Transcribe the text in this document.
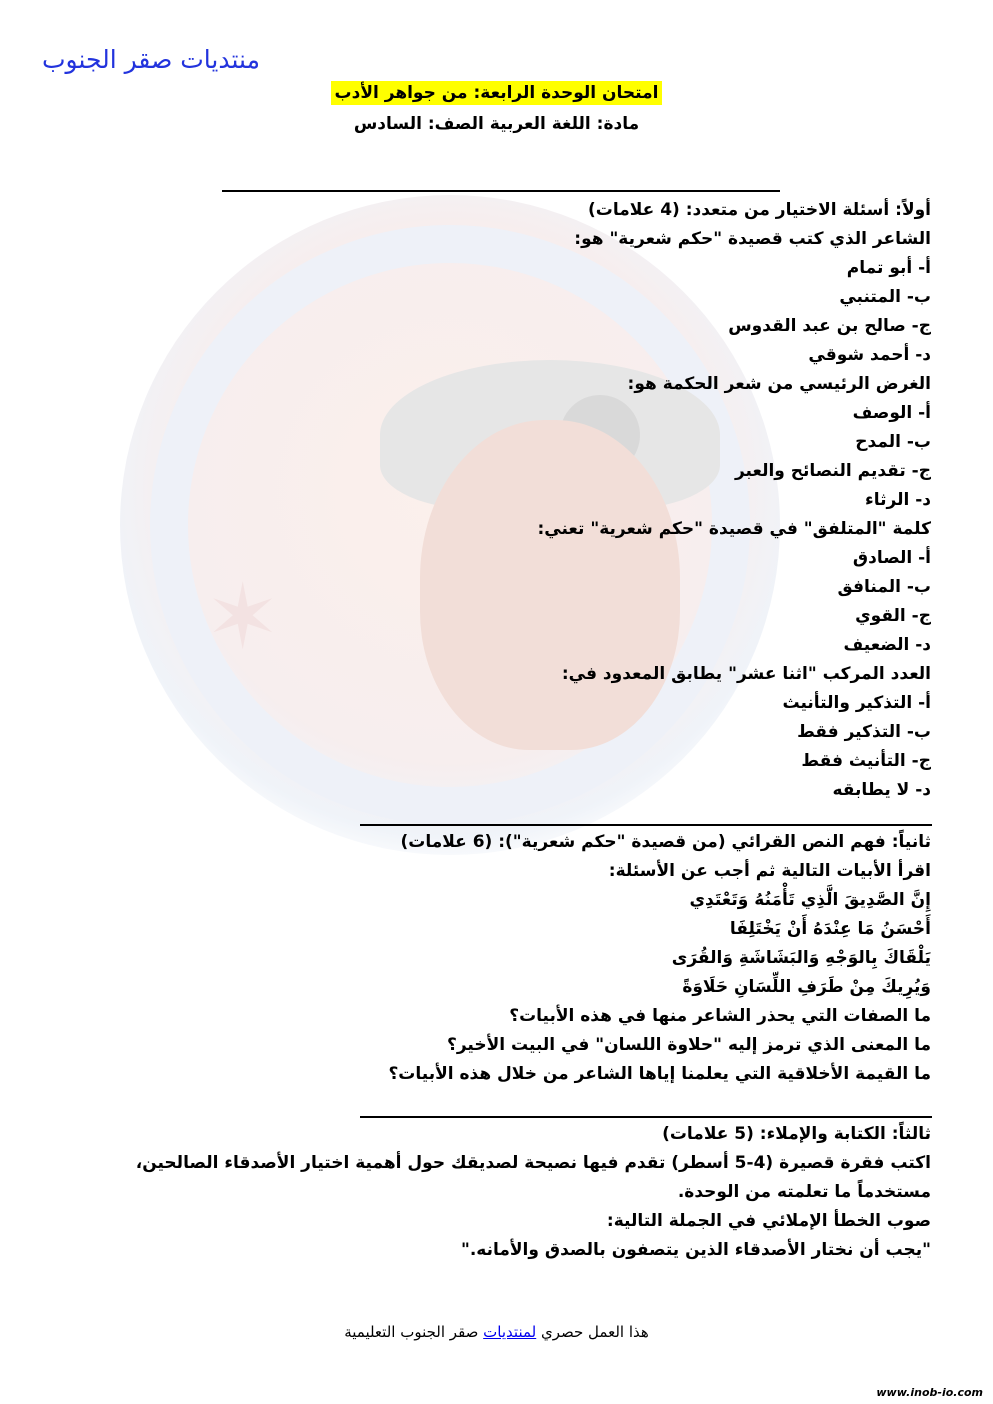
✶
منتديات صقر الجنوب
امتحان الوحدة الرابعة: من جواهر الأدب
مادة: اللغة العربية الصف: السادس
أولاً: أسئلة الاختيار من متعدد: (4 علامات)
الشاعر الذي كتب قصيدة "حكم شعرية" هو:
أ- أبو تمام
ب- المتنبي
ج- صالح بن عبد القدوس
د- أحمد شوقي
الغرض الرئيسي من شعر الحكمة هو:
أ- الوصف
ب- المدح
ج- تقديم النصائح والعبر
د- الرثاء
كلمة "المتلفق" في قصيدة "حكم شعرية" تعني:
أ- الصادق
ب- المنافق
ج- القوي
د- الضعيف
العدد المركب "اثنا عشر" يطابق المعدود في:
أ- التذكير والتأنيث
ب- التذكير فقط
ج- التأنيث فقط
د- لا يطابقه
ثانياً: فهم النص القرائي (من قصيدة "حكم شعرية"): (6 علامات)
اقرأ الأبيات التالية ثم أجب عن الأسئلة:
إِنَّ الصَّدِيقَ الَّذِي تَأْمَنُهُ وَتَعْتَدِي
أَحْسَنُ مَا عِنْدَهُ أَنْ يَخْتَلِفَا
يَلْقَاكَ بِالوَجْهِ وَالبَشَاشَةِ وَالقُرَى
وَيُرِيكَ مِنْ طَرَفِ اللِّسَانِ حَلَاوَةً
ما الصفات التي يحذر الشاعر منها في هذه الأبيات؟
ما المعنى الذي ترمز إليه "حلاوة اللسان" في البيت الأخير؟
ما القيمة الأخلاقية التي يعلمنا إياها الشاعر من خلال هذه الأبيات؟
ثالثاً: الكتابة والإملاء: (5 علامات)
اكتب فقرة قصيرة (4-5 أسطر) تقدم فيها نصيحة لصديقك حول أهمية اختيار الأصدقاء الصالحين،
مستخدماً ما تعلمته من الوحدة.
صوب الخطأ الإملائي في الجملة التالية:
"يجب أن نختار الأصدقاء الذين يتصفون بالصدق والأمانه."
هذا العمل حصري لمنتديات صقر الجنوب التعليمية
www.inob-io.com
